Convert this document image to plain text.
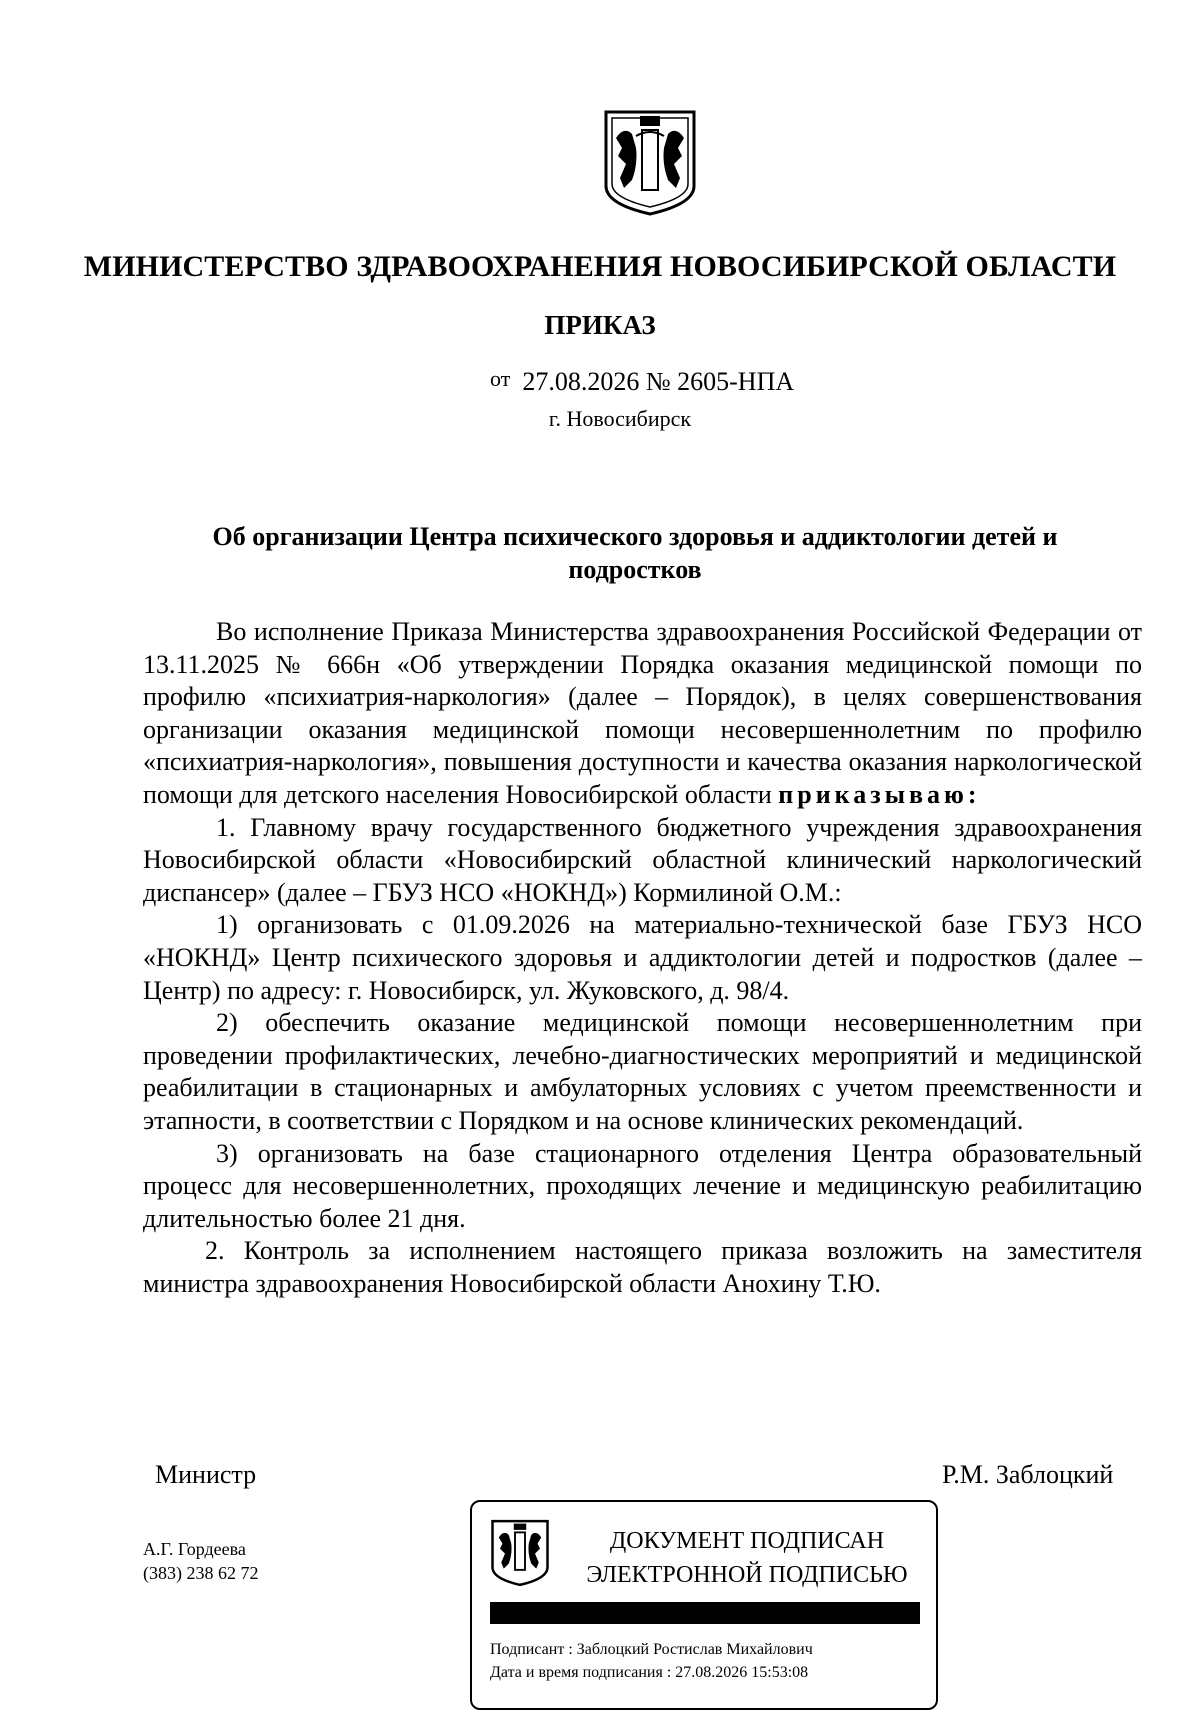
МИНИСТЕРСТВО ЗДРАВООХРАНЕНИЯ НОВОСИБИРСКОЙ ОБЛАСТИ
ПРИКАЗ
от 27.08.2026 № 2605-НПА
г. Новосибирск
Об организации Центра психического здоровья и аддиктологии детей и подростков

Во исполнение Приказа Министерства здравоохранения Российской Федерации от 13.11.2025 № 666н «Об утверждении Порядка оказания медицинской помощи по профилю «психиатрия-наркология» (далее – Порядок), в целях совершенствования организации оказания медицинской помощи несовершеннолетним по профилю «психиатрия-наркология», повышения доступности и качества оказания наркологической помощи для детского населения Новосибирской области приказываю:

1. Главному врачу государственного бюджетного учреждения здравоохранения Новосибирской области «Новосибирский областной клинический наркологический диспансер» (далее – ГБУЗ НСО «НОКНД») Кормилиной О.М.:

1) организовать с 01.09.2026 на материально-технической базе ГБУЗ НСО «НОКНД» Центр психического здоровья и аддиктологии детей и подростков (далее – Центр) по адресу: г. Новосибирск, ул. Жуковского, д. 98/4.

2) обеспечить оказание медицинской помощи несовершеннолетним при проведении профилактических, лечебно-диагностических мероприятий и медицинской реабилитации в стационарных и амбулаторных условиях с учетом преемственности и этапности, в соответствии с Порядком и на основе клинических рекомендаций.

3) организовать на базе стационарного отделения Центра образовательный процесс для несовершеннолетних, проходящих лечение и медицинскую реабилитацию длительностью более 21 дня.

2. Контроль за исполнением настоящего приказа возложить на заместителя министра здравоохранения Новосибирской области Анохину Т.Ю.

Министр	Р.М. Заблоцкий
А.Г. Гордеева
(383) 238 62 72
ДОКУМЕНТ ПОДПИСАН
ЭЛЕКТРОННОЙ ПОДПИСЬЮ
Подписант : Заблоцкий Ростислав Михайлович
Дата и время подписания : 27.08.2026 15:53:08
